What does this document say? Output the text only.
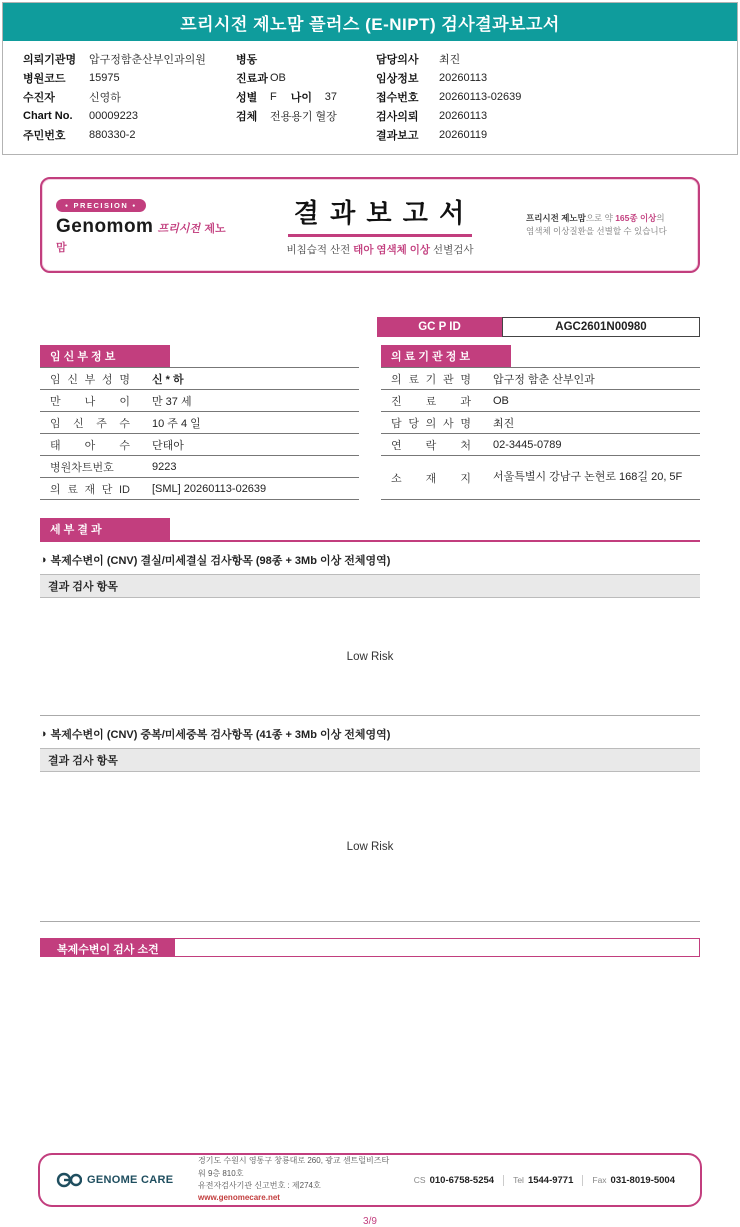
프리시전 제노맘 플러스 (E-NIPT) 검사결과보고서
의뢰기관명	압구정함춘산부인과의원
병원코드	15975
수진자	신영하
Chart No.	00009223
주민번호	880330-2
병동
진료과 OB
성별	F 나이	37
검체	전용용기 혈장
담당의사	최진
임상정보	20260113
접수번호	20260113-02639
검사의뢰	20260113
결과보고	20260119
● PRECISION ●
Genomom 프리시전 제노맘
결 과 보 고 서
비침습적 산전 태아 염색체 이상 선별검사
프리시전 제노맘으로 약 165종 이상의
염색체 이상질환을 선별할 수 있습니다
GC P ID	AGC2601N00980
임 신 부 정 보
임 신 부 성 명	신 * 하
만 나 이	만 37 세
임 신 주 수	10 주 4 일
태 아 수	단태아
병원차트번호	9223
의 료 재 단 ID	[SML] 20260113-02639
의 료 기 관 정 보
의 료 기 관 명	압구정 함춘 산부인과
진 료 과	OB
담 당 의 사 명	최진
연 락 처	02-3445-0789
소 재 지	서울특별시 강남구 논현로 168길 20, 5F
세 부 결 과
◑ 복제수변이 (CNV) 결실/미세결실 검사항목 (98종 + 3Mb 이상 전체영역)
결과 검사 항목
Low Risk
◑ 복제수변이 (CNV) 중복/미세중복 검사항목 (41종 + 3Mb 이상 전체영역)
결과 검사 항목
Low Risk
복제수변이 검사 소견
GENOME CARE
경기도 수원시 영통구 창룡대로 260, 광교 센트럴비즈타워 9층 810호
유전자검사기관 신고번호 : 제274호
www.genomecare.net
CS 010-6758-5254 Tel 1544-9771 Fax 031-8019-5004
3/9
